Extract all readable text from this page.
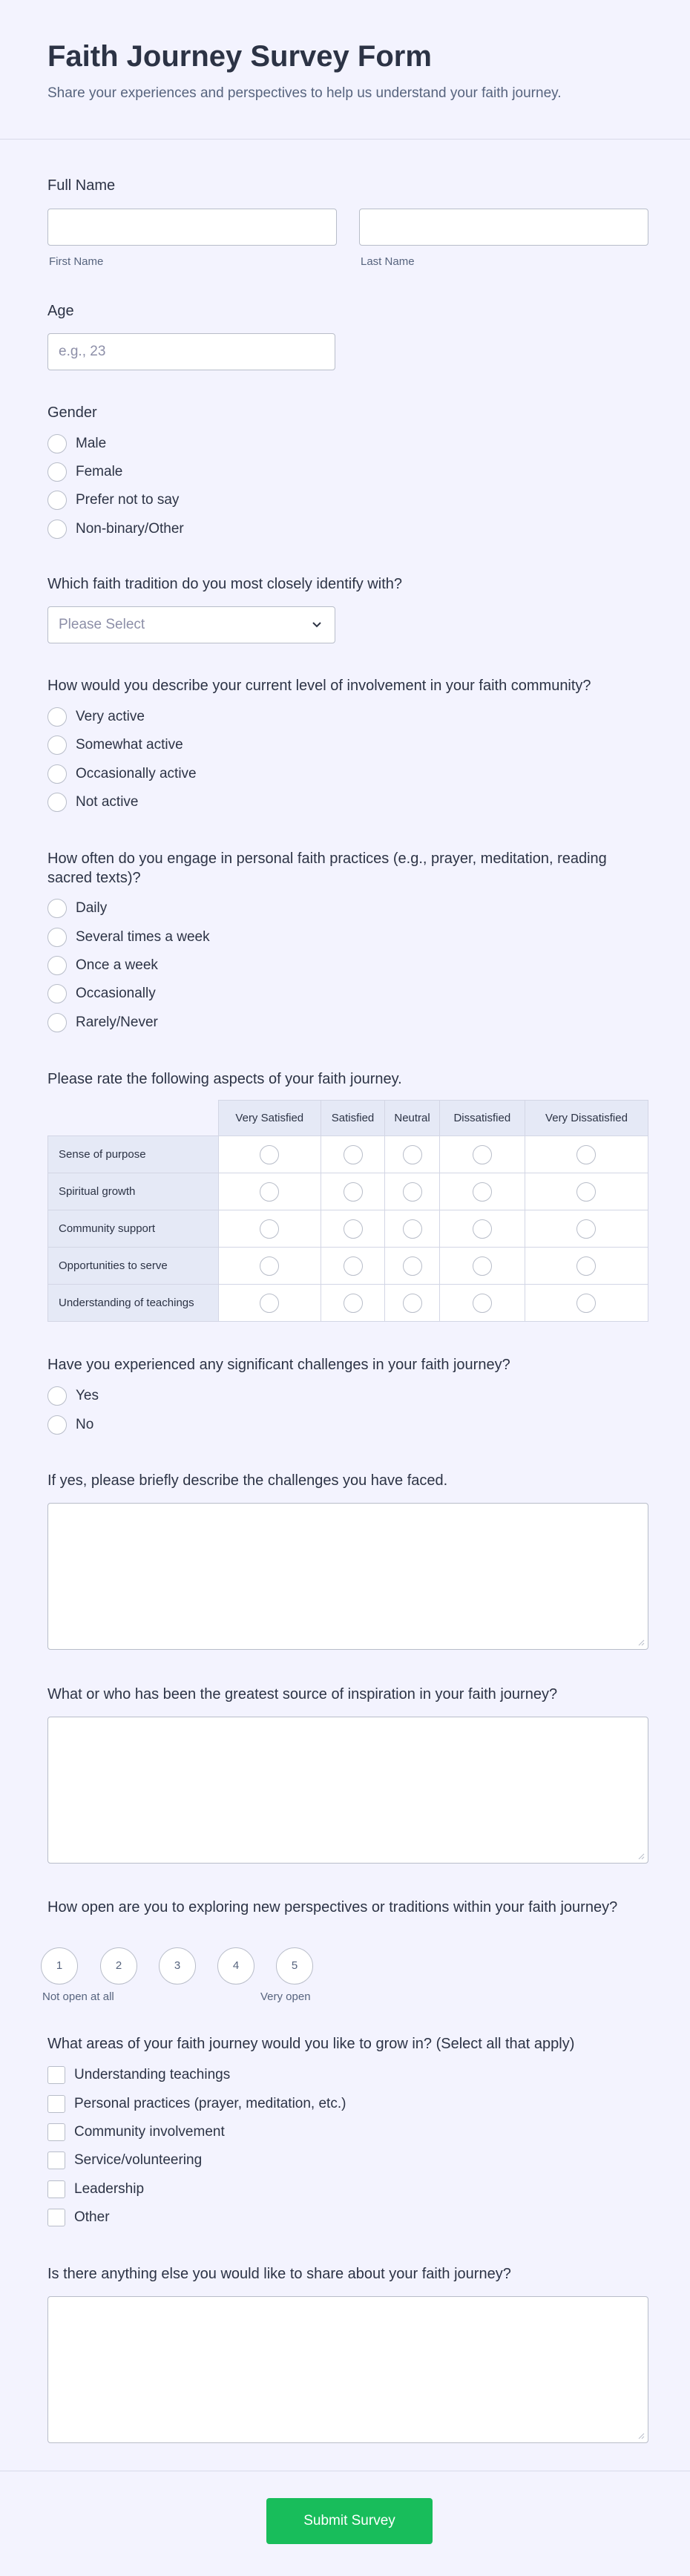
Faith Journey Survey Form

Share your experiences and perspectives to help us understand your faith journey.

Full Name
First Name	Last Name
Age
e.g., 23
Gender
Male
Female
Prefer not to say
Non-binary/Other
Which faith tradition do you most closely identify with?
Please Select
How would you describe your current level of involvement in your faith community?
Very active
Somewhat active
Occasionally active
Not active
How often do you engage in personal faith practices (e.g., prayer, meditation, reading sacred texts)?
Daily
Several times a week
Once a week
Occasionally
Rarely/Never
Please rate the following aspects of your faith journey.
	Very Satisfied	Satisfied	Neutral	Dissatisfied	Very Dissatisfied
Sense of purpose					
Spiritual growth					
Community support					
Opportunities to serve					
Understanding of teachings					
Have you experienced any significant challenges in your faith journey?
Yes
No
If yes, please briefly describe the challenges you have faced.
What or who has been the greatest source of inspiration in your faith journey?
How open are you to exploring new perspectives or traditions within your faith journey?
1	2	3	4	5
Not open at all	Very open
What areas of your faith journey would you like to grow in? (Select all that apply)
Understanding teachings
Personal practices (prayer, meditation, etc.)
Community involvement
Service/volunteering
Leadership
Other
Is there anything else you would like to share about your faith journey?
Submit Survey
